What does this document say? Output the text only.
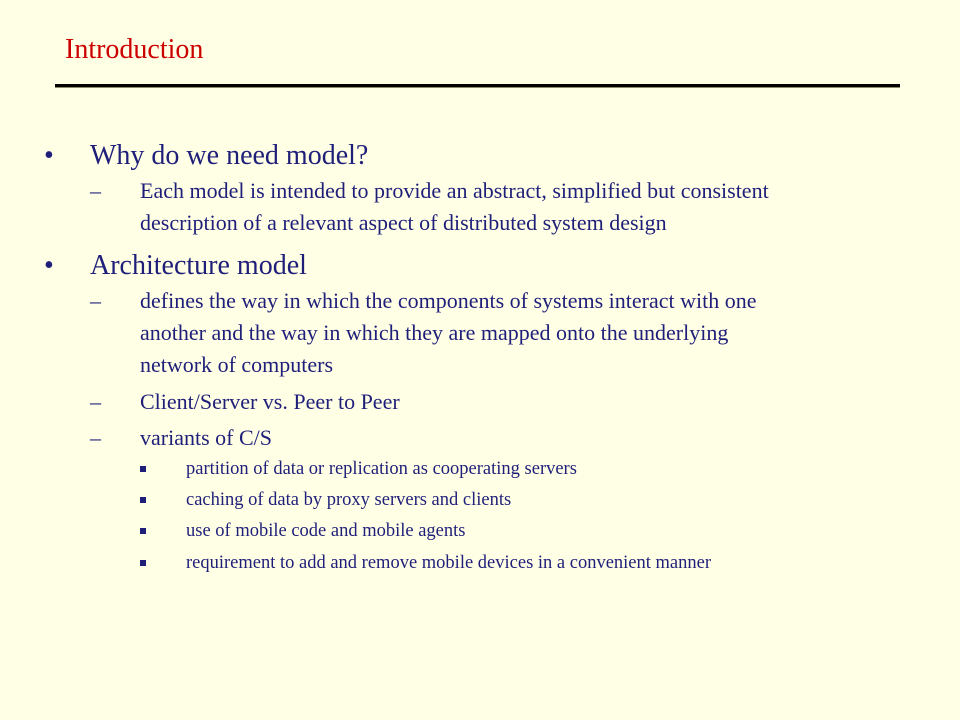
Introduction
•	Why do we need model?
–	Each model is intended to provide an abstract, simplified but consistent
description of a relevant aspect of distributed system design
•	Architecture model
–	defines the way in which the components of systems interact with one
another and the way in which they are mapped onto the underlying
network of computers
–	Client/Server vs. Peer to Peer
–	variants of C/S
partition of data or replication as cooperating servers
caching of data by proxy servers and clients
use of mobile code and mobile agents
requirement to add and remove mobile devices in a convenient manner
